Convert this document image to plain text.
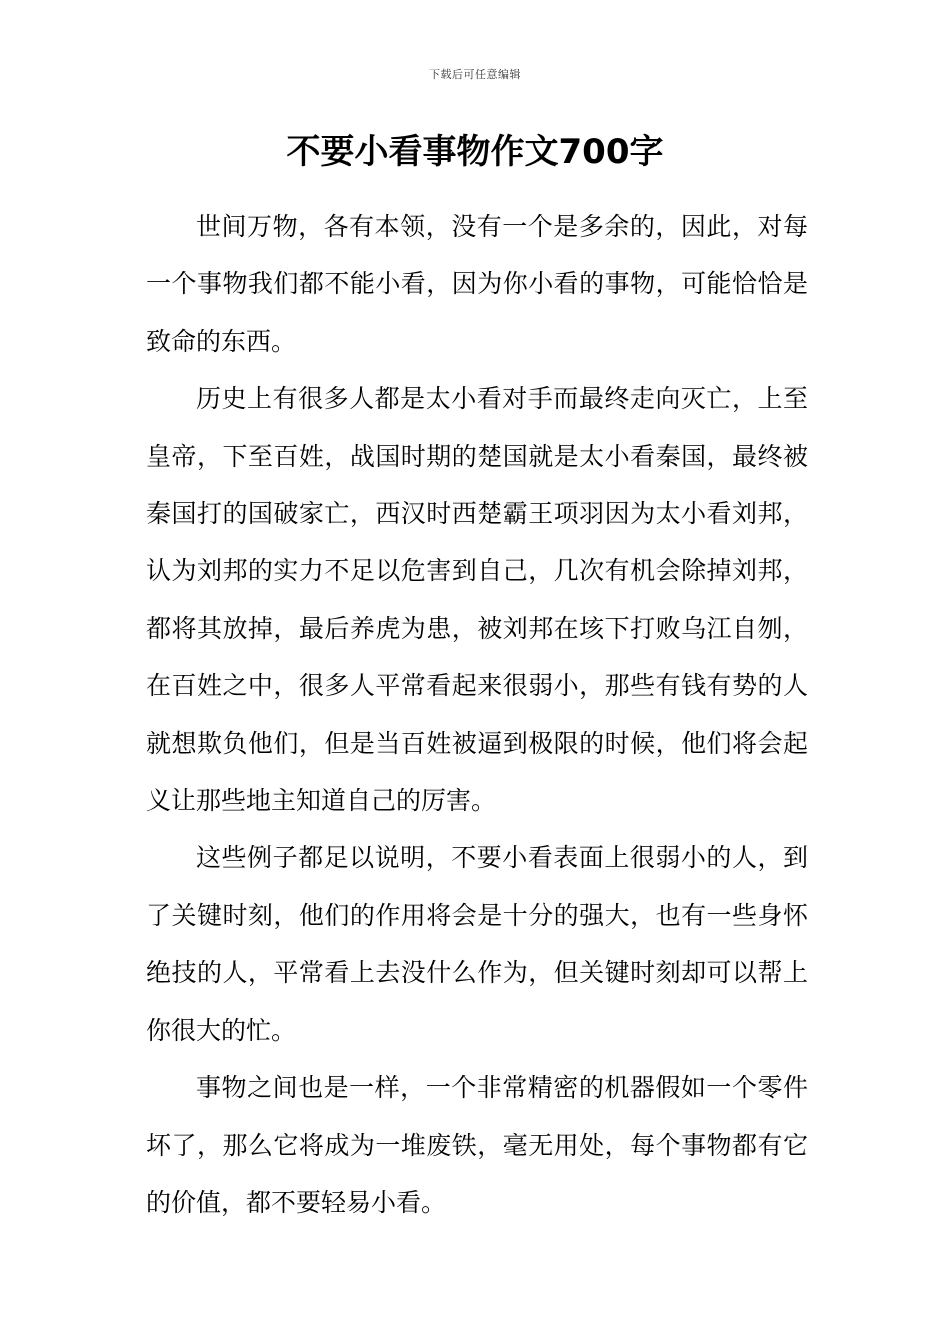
下载后可任意编辑
不要小看事物作文700字

世间万物，各有本领，没有一个是多余的，因此，对每一个事物我们都不能小看，因为你小看的事物，可能恰恰是致命的东西。

历史上有很多人都是太小看对手而最终走向灭亡，上至皇帝，下至百姓，战国时期的楚国就是太小看秦国，最终被秦国打的国破家亡，西汉时西楚霸王项羽因为太小看刘邦，认为刘邦的实力不足以危害到自己，几次有机会除掉刘邦，都将其放掉，最后养虎为患，被刘邦在垓下打败乌江自刎，在百姓之中，很多人平常看起来很弱小，那些有钱有势的人就想欺负他们，但是当百姓被逼到极限的时候，他们将会起义让那些地主知道自己的厉害。

这些例子都足以说明，不要小看表面上很弱小的人，到了关键时刻，他们的作用将会是十分的强大，也有一些身怀绝技的人，平常看上去没什么作为，但关键时刻却可以帮上你很大的忙。

事物之间也是一样，一个非常精密的机器假如一个零件坏了，那么它将成为一堆废铁，毫无用处，每个事物都有它的价值，都不要轻易小看。
